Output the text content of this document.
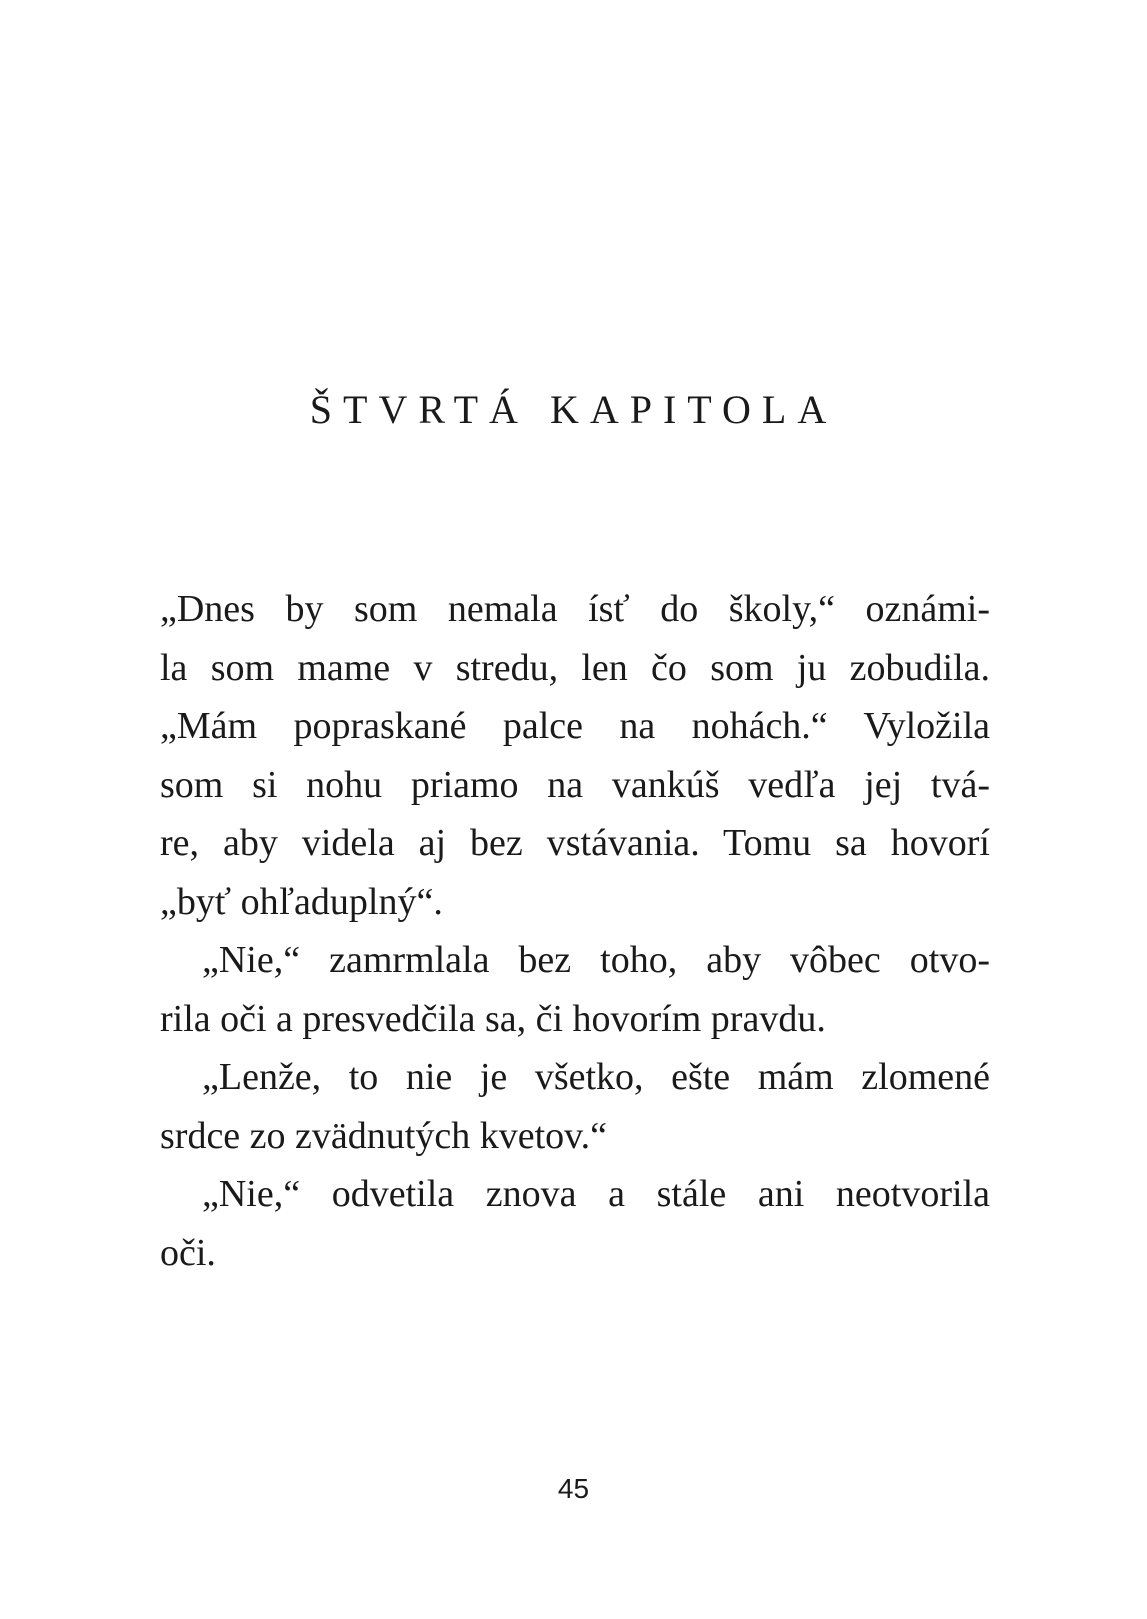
ŠTVRTÁ KAPITOLA
„Dnes by som nemala ísť do školy,“ oznámi-
la som mame v stredu, len čo som ju zobudila.
„Mám popraskané palce na nohách.“ Vyložila
som si nohu priamo na vankúš vedľa jej tvá-
re, aby videla aj bez vstávania. Tomu sa hovorí
„byť ohľaduplný“.
„Nie,“ zamrmlala bez toho, aby vôbec otvo-
rila oči a presvedčila sa, či hovorím pravdu.
„Lenže, to nie je všetko, ešte mám zlomené
srdce zo zvädnutých kvetov.“
„Nie,“ odvetila znova a stále ani neotvorila
oči.
45
